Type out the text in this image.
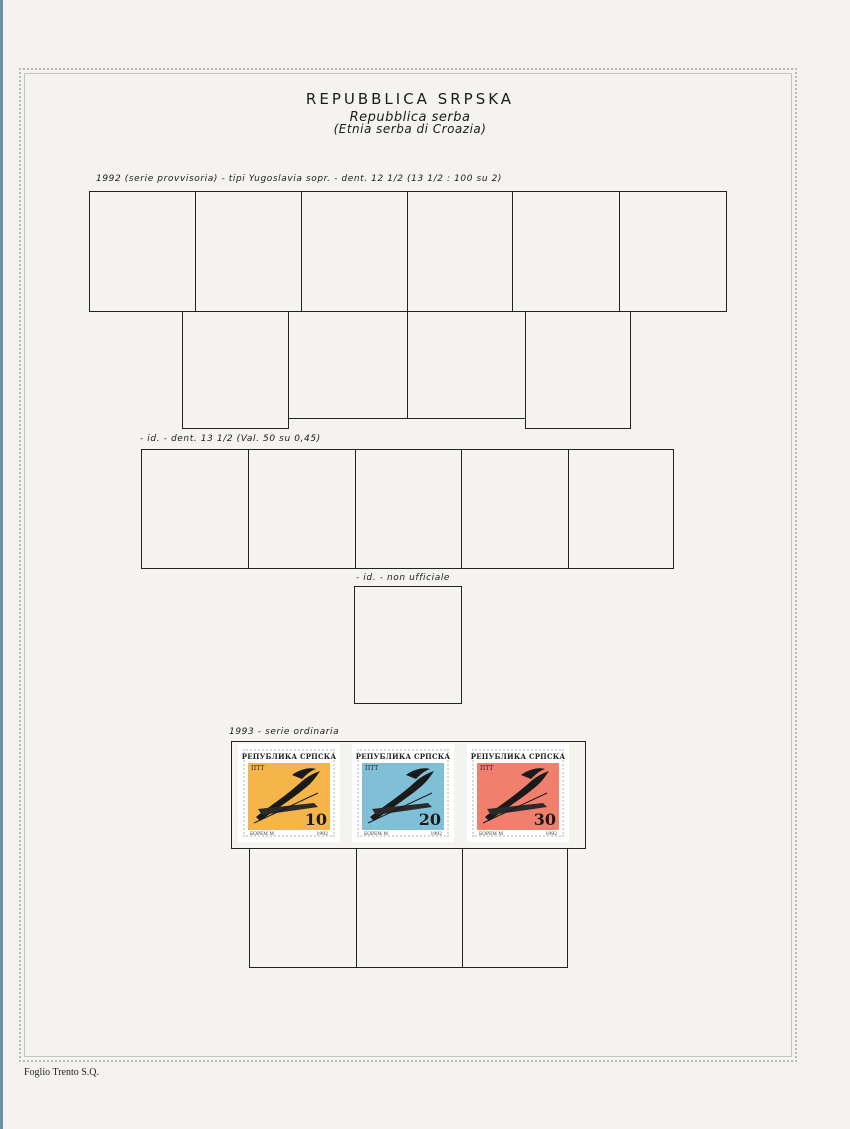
REPUBBLICA SRPSKA
Repubblica serba
(Etnia serba di Croazia)
1992 (serie provvisoria) - tipi Yugoslavia sopr. - dent. 12 1/2 (13 1/2 : 100 su 2)
- id. - dent. 13 1/2 (Val. 50 su 0,45)
- id. - non ufficiale
1993 - serie ordinaria
РЕПУБЛИКА СРПСКА
ПТТ
10
БОРЕМ М	1992
РЕПУБЛИКА СРПСКА
ПТТ
20
БОРЕМ М	1992
РЕПУБЛИКА СРПСКА
ПТТ
30
БОРЕМ М	1992
Foglio Trento S.Q.
